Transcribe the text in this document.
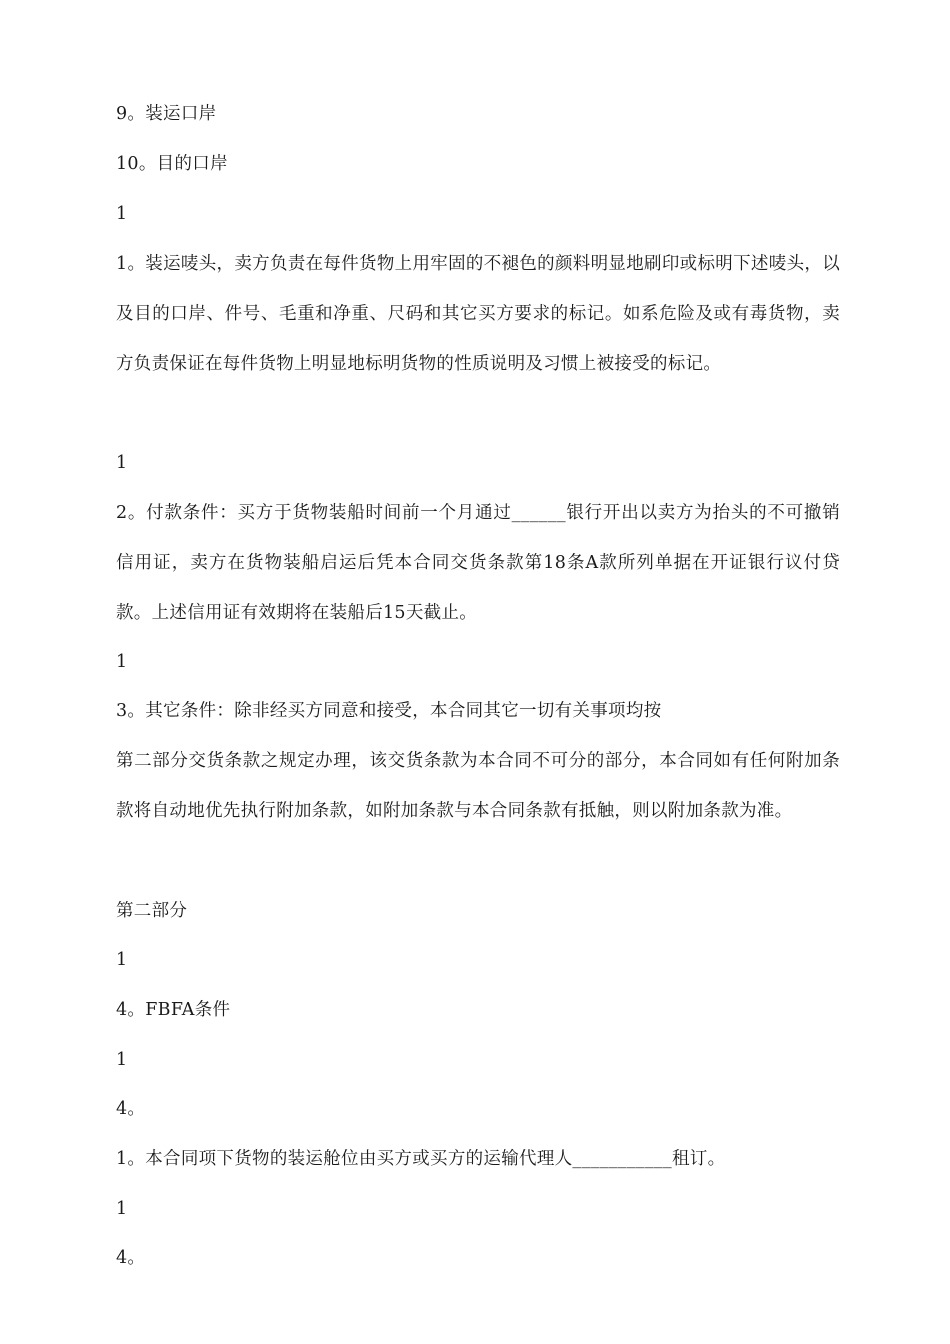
9。装运口岸

10。目的口岸

1

1。装运唛头，卖方负责在每件货物上用牢固的不褪色的颜料明显地刷印或标明下述唛头，以及目的口岸、件号、毛重和净重、尺码和其它买方要求的标记。如系危险及或有毒货物，卖方负责保证在每件货物上明显地标明货物的性质说明及习惯上被接受的标记。

1

2。付款条件：买方于货物装船时间前一个月通过______银行开出以卖方为抬头的不可撤销信用证，卖方在货物装船启运后凭本合同交货条款第18条A款所列单据在开证银行议付贷款。上述信用证有效期将在装船后15天截止。

1

3。其它条件：除非经买方同意和接受，本合同其它一切有关事项均按

第二部分交货条款之规定办理，该交货条款为本合同不可分的部分，本合同如有任何附加条款将自动地优先执行附加条款，如附加条款与本合同条款有抵触，则以附加条款为准。

第二部分

1

4。FBFA条件

1

4。

1。本合同项下货物的装运舱位由买方或买方的运输代理人___________租订。

1

4。
